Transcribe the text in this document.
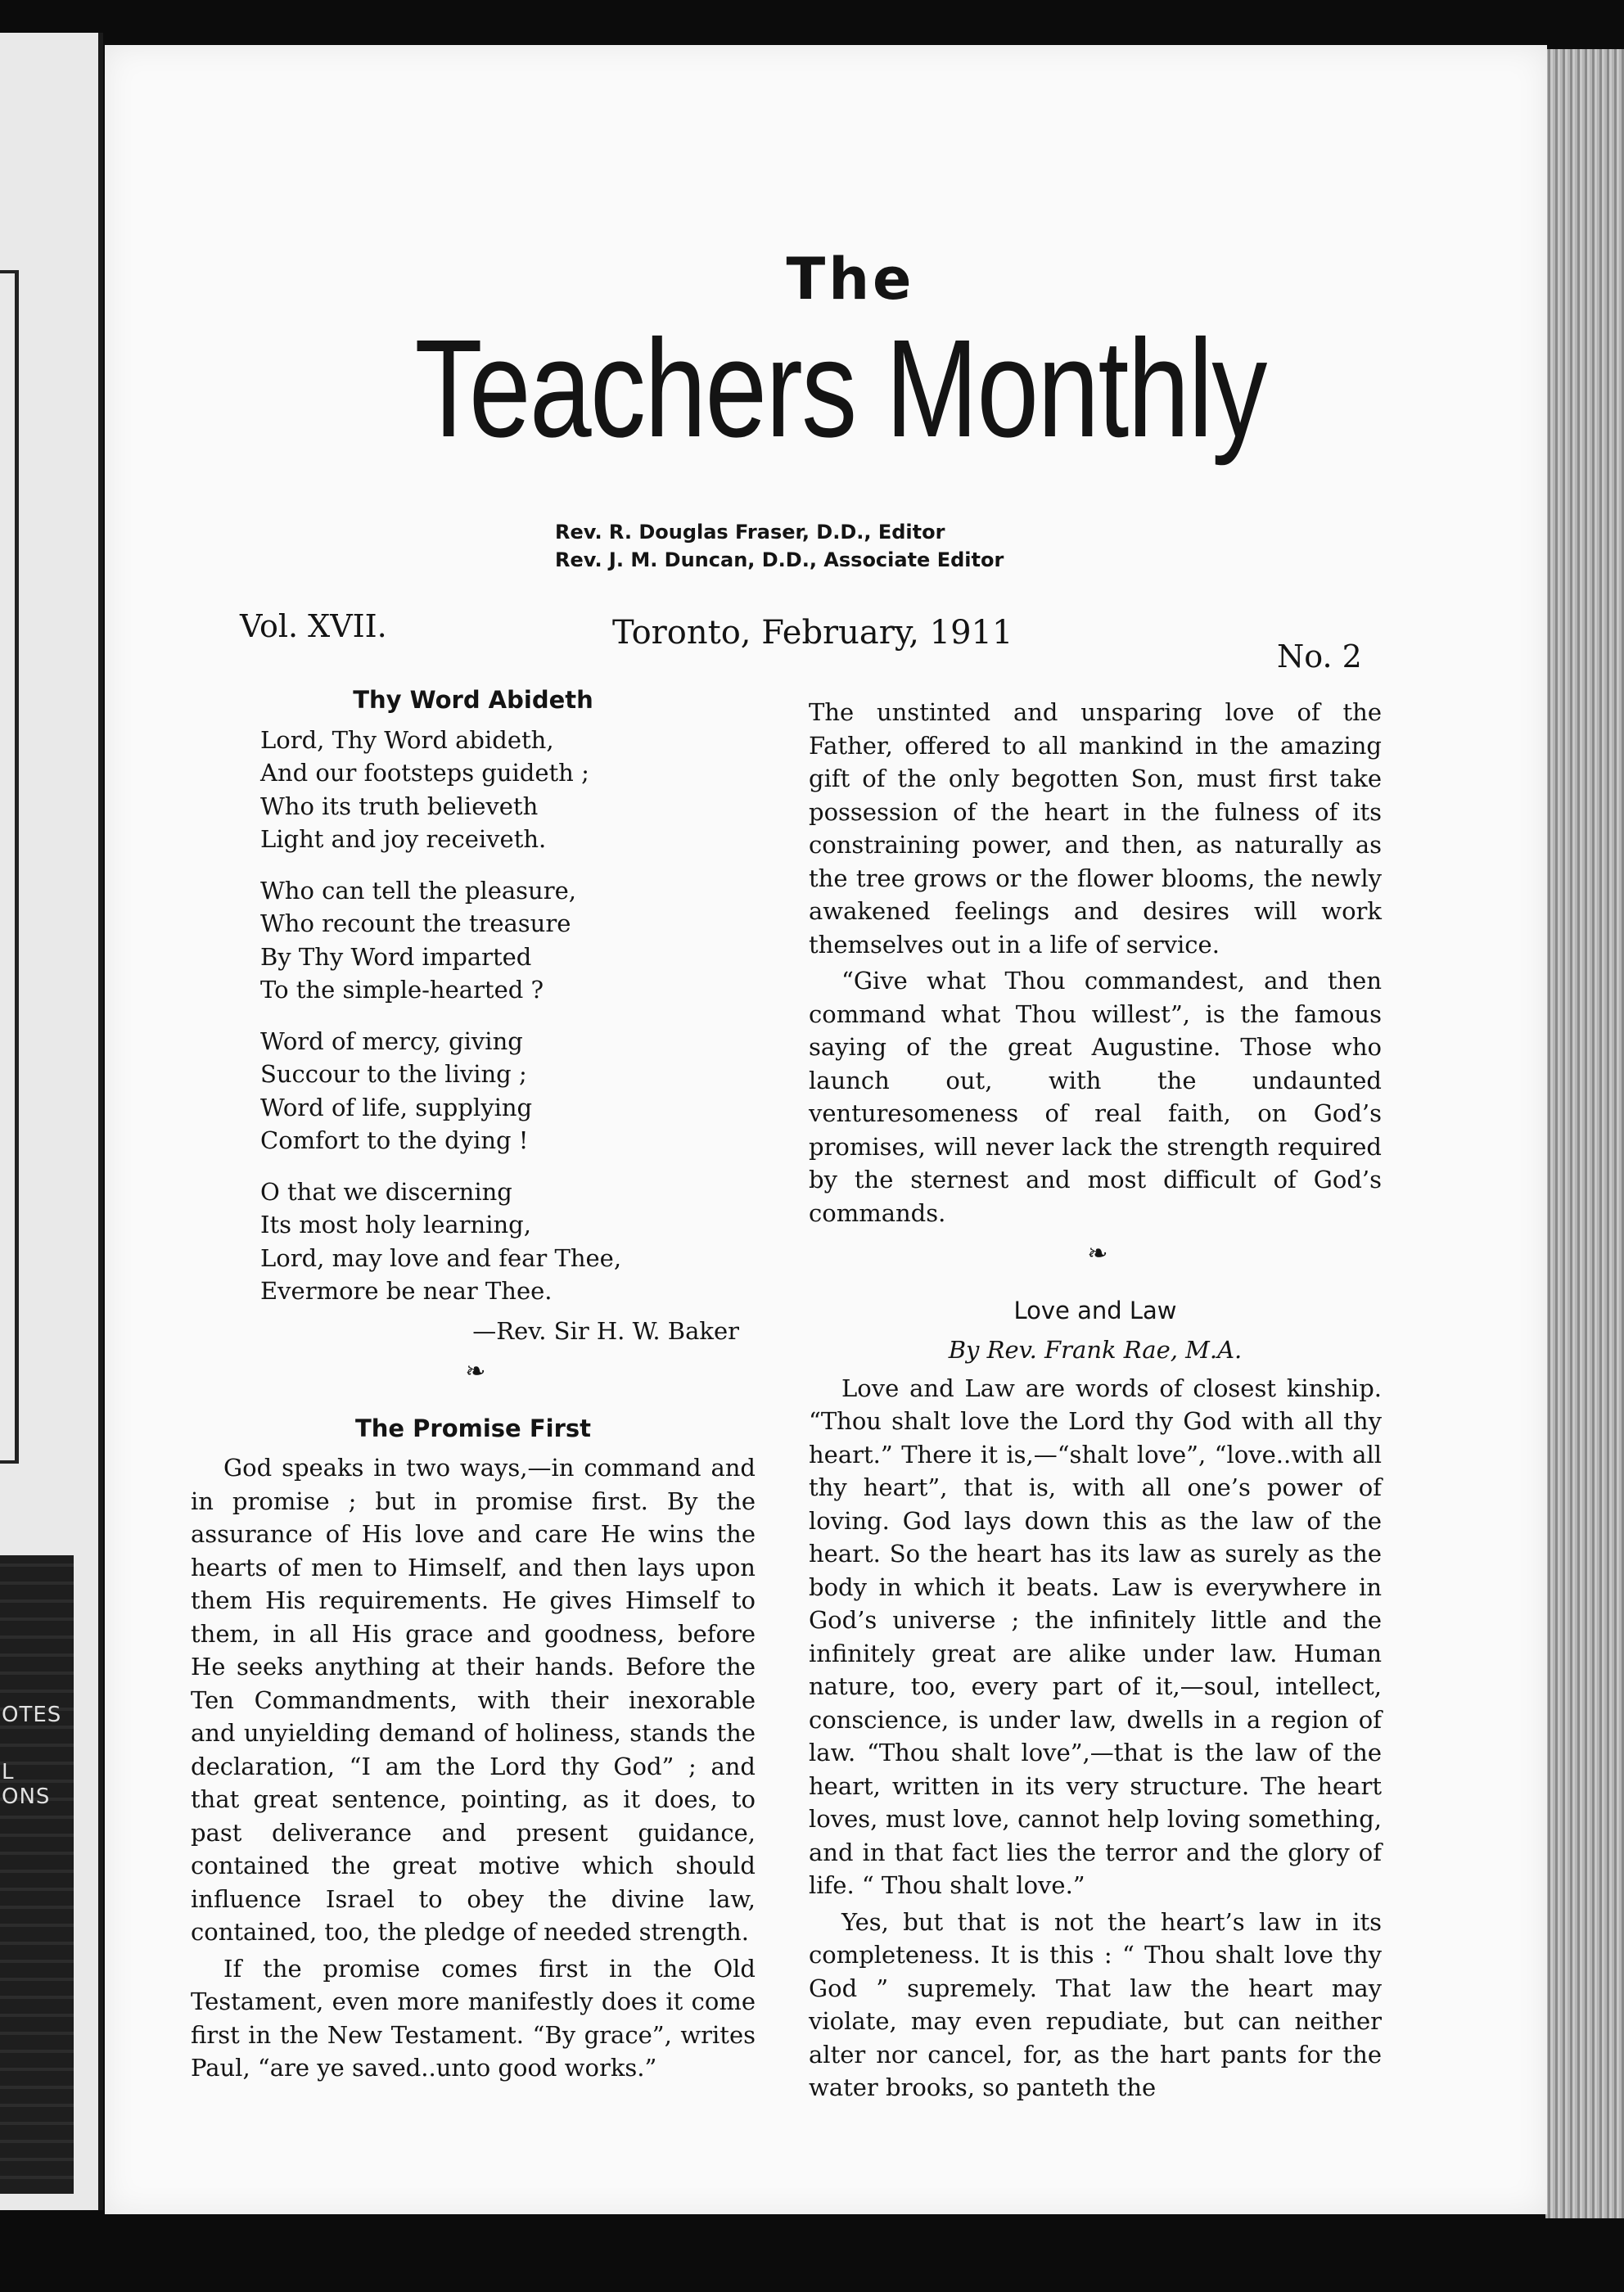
OTES
L
ONS
The
Teachers Monthly
Rev. R. Douglas Fraser, D.D., Editor
Rev. J. M. Duncan, D.D., Associate Editor
Vol. XVII.	Toronto, February, 1911
No. 2
Thy Word Abideth
Lord, Thy Word abideth,
And our footsteps guideth ;
Who its truth believeth
Light and joy receiveth.
Who can tell the pleasure,
Who recount the treasure
By Thy Word imparted
To the simple-hearted ?
Word of mercy, giving
Succour to the living ;
Word of life, supplying
Comfort to the dying !
O that we discerning
Its most holy learning,
Lord, may love and fear Thee,
Evermore be near Thee.
—Rev. Sir H. W. Baker
❧
The Promise First

God speaks in two ways,—in command and in promise ; but in promise first. By the assurance of His love and care He wins the hearts of men to Himself, and then lays upon them His requirements. He gives Himself to them, in all His grace and goodness, before He seeks anything at their hands. Before the Ten Commandments, with their inexorable and unyielding demand of holiness, stands the declaration, “I am the Lord thy God” ; and that great sentence, pointing, as it does, to past deliverance and present guidance, contained the great motive which should influence Israel to obey the divine law, contained, too, the pledge of needed strength.

If the promise comes first in the Old Testament, even more manifestly does it come first in the New Testament. “By grace”, writes Paul, “are ye saved..unto good works.”

The unstinted and unsparing love of the Father, offered to all mankind in the amazing gift of the only begotten Son, must first take possession of the heart in the fulness of its constraining power, and then, as naturally as the tree grows or the flower blooms, the newly awakened feelings and desires will work themselves out in a life of service.

“Give what Thou commandest, and then command what Thou willest”, is the famous saying of the great Augustine. Those who launch out, with the undaunted venturesomeness of real faith, on God’s promises, will never lack the strength required by the sternest and most difficult of God’s commands.

❧
Love and Law
By Rev. Frank Rae, M.A.

Love and Law are words of closest kinship. “Thou shalt love the Lord thy God with all thy heart.” There it is,—“shalt love”, “love..with all thy heart”, that is, with all one’s power of loving. God lays down this as the law of the heart. So the heart has its law as surely as the body in which it beats. Law is everywhere in God’s universe ; the infinitely little and the infinitely great are alike under law. Human nature, too, every part of it,—soul, intellect, conscience, is under law, dwells in a region of law. “Thou shalt love”,—that is the law of the heart, written in its very structure. The heart loves, must love, cannot help loving something, and in that fact lies the terror and the glory of life. “ Thou shalt love.”

Yes, but that is not the heart’s law in its completeness. It is this : “ Thou shalt love thy God ” supremely. That law the heart may violate, may even repudiate, but can neither alter nor cancel, for, as the hart pants for the water brooks, so panteth the
